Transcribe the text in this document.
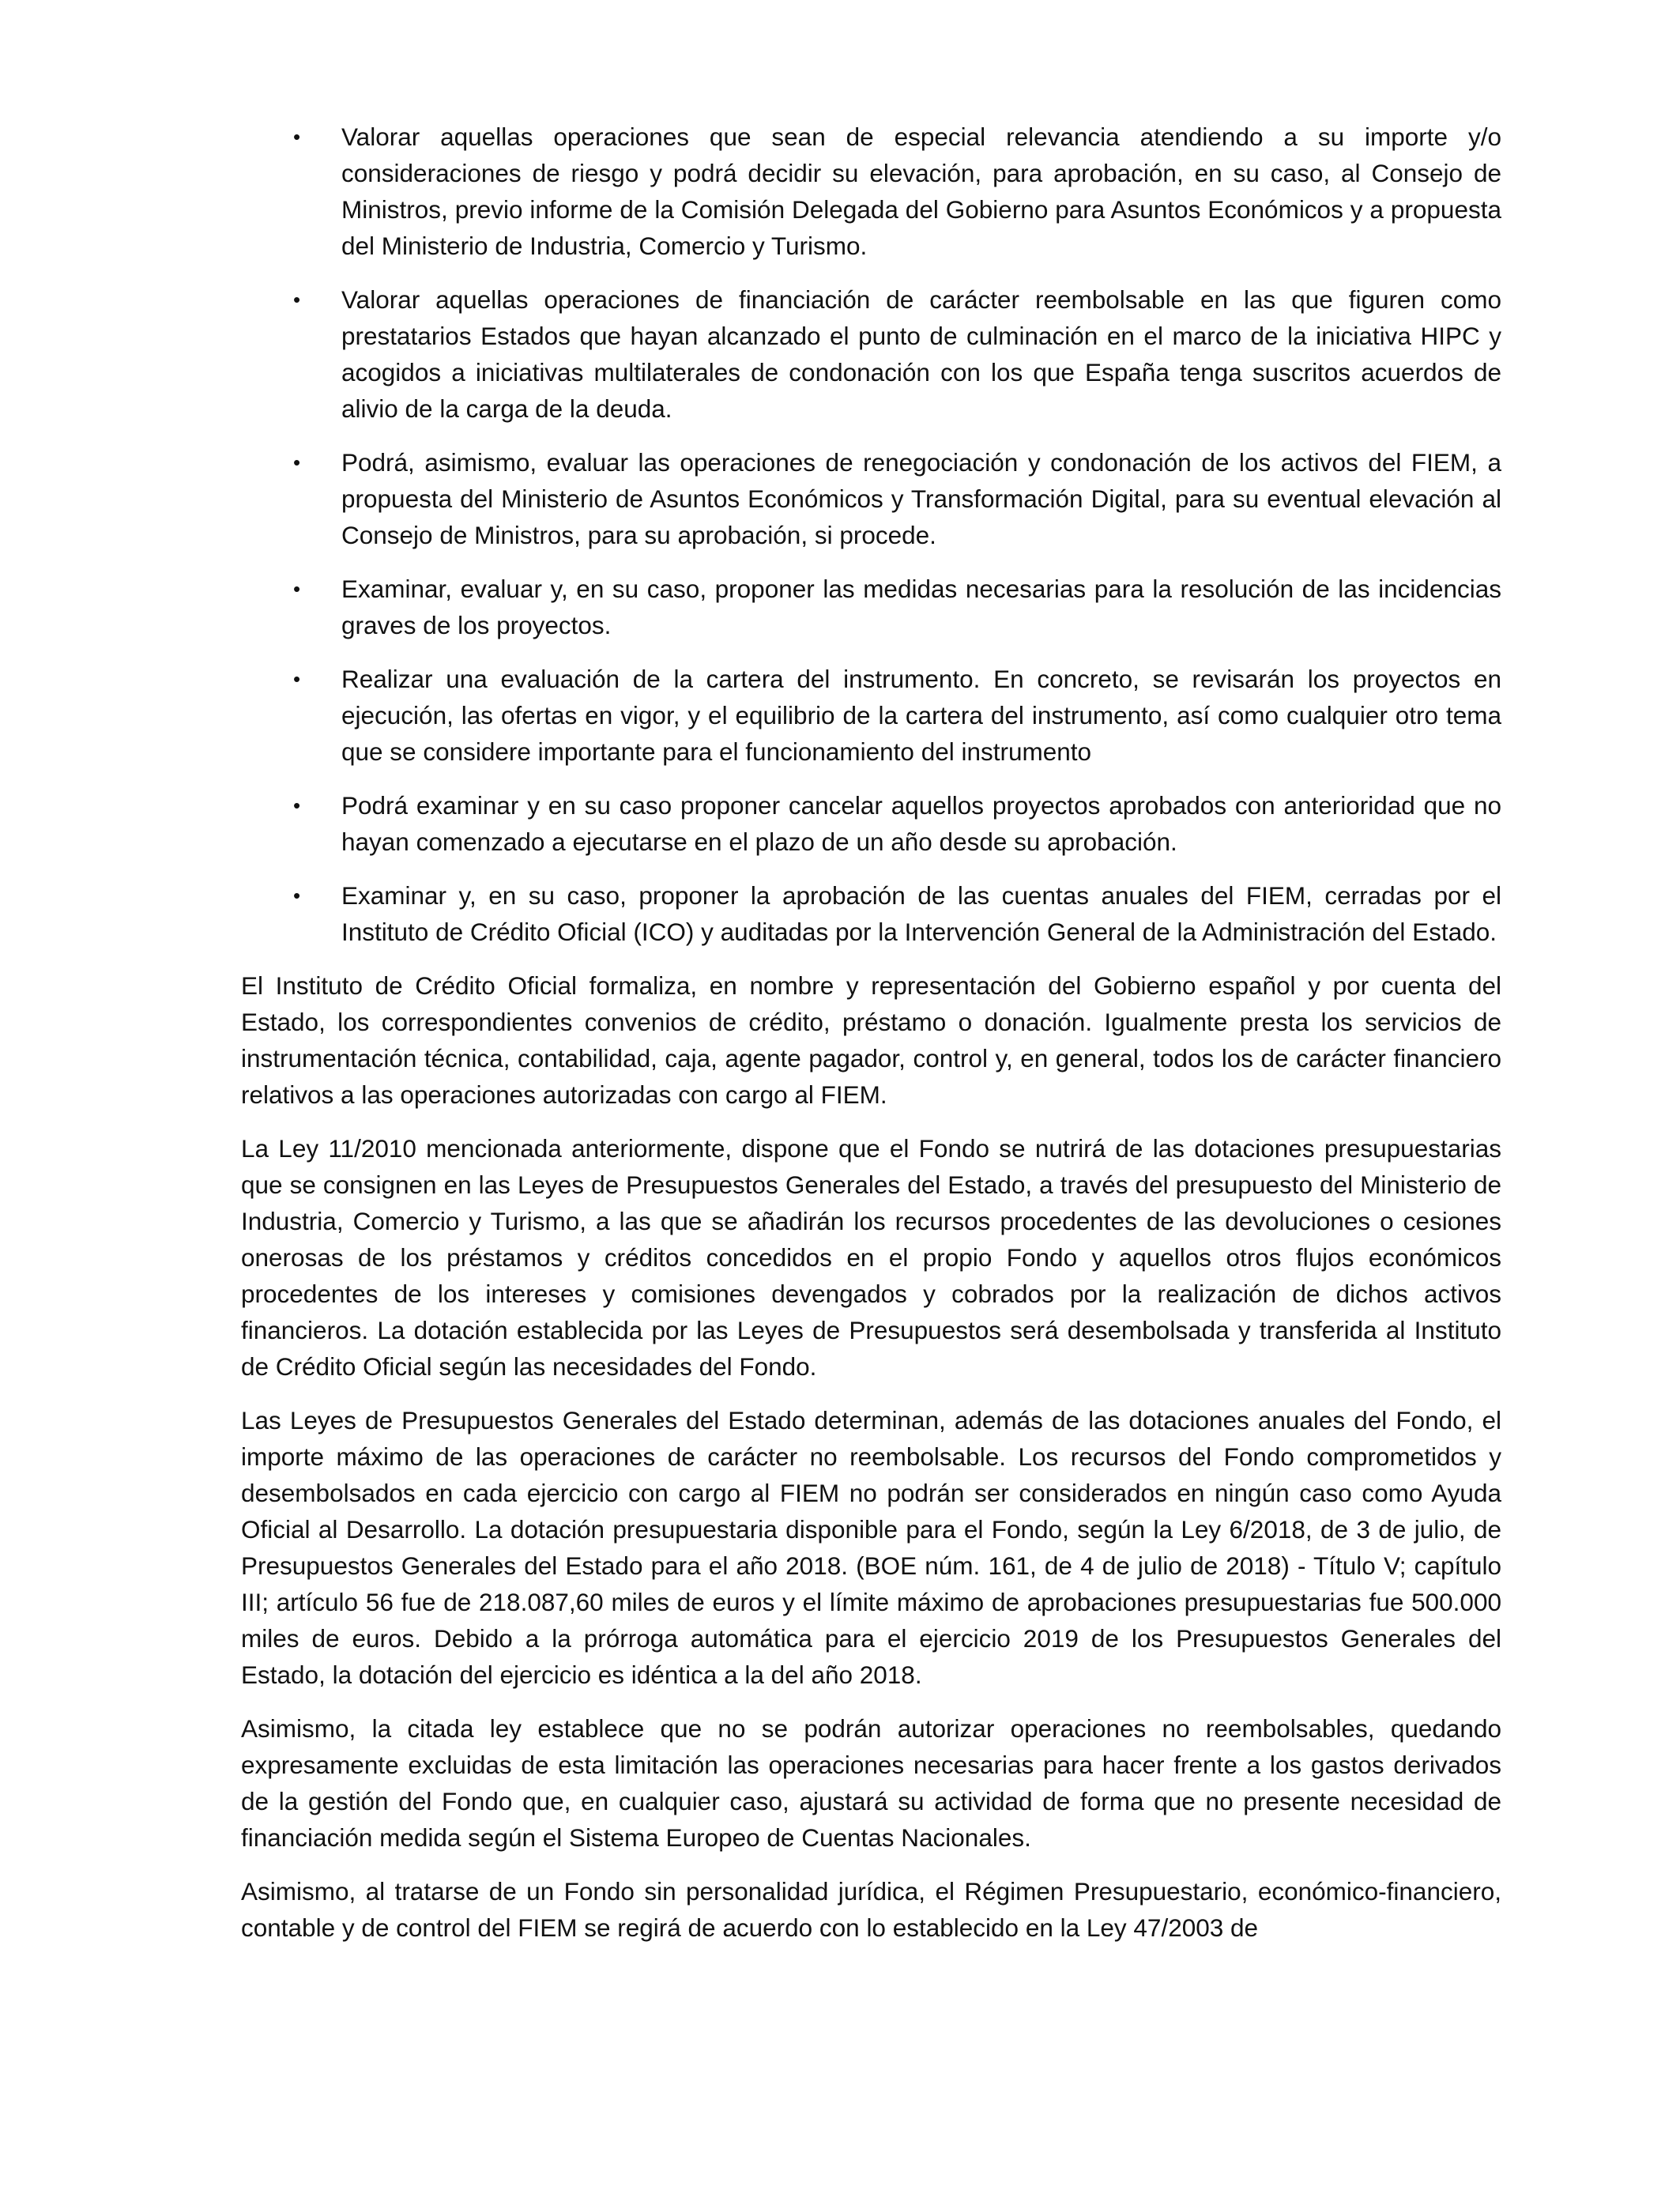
• Valorar aquellas operaciones que sean de especial relevancia atendiendo a su importe y/o consideraciones de riesgo y podrá decidir su elevación, para aprobación, en su caso, al Consejo de Ministros, previo informe de la Comisión Delegada del Gobierno para Asuntos Económicos y a propuesta del Ministerio de Industria, Comercio y Turismo.
• Valorar aquellas operaciones de financiación de carácter reembolsable en las que figuren como prestatarios Estados que hayan alcanzado el punto de culminación en el marco de la iniciativa HIPC y acogidos a iniciativas multilaterales de condonación con los que España tenga suscritos acuerdos de alivio de la carga de la deuda.
• Podrá, asimismo, evaluar las operaciones de renegociación y condonación de los activos del FIEM, a propuesta del Ministerio de Asuntos Económicos y Transformación Digital, para su eventual elevación al Consejo de Ministros, para su aprobación, si procede.
• Examinar, evaluar y, en su caso, proponer las medidas necesarias para la resolución de las incidencias graves de los proyectos.
• Realizar una evaluación de la cartera del instrumento. En concreto, se revisarán los proyectos en ejecución, las ofertas en vigor, y el equilibrio de la cartera del instrumento, así como cualquier otro tema que se considere importante para el funcionamiento del instrumento
• Podrá examinar y en su caso proponer cancelar aquellos proyectos aprobados con anterioridad que no hayan comenzado a ejecutarse en el plazo de un año desde su aprobación.
• Examinar y, en su caso, proponer la aprobación de las cuentas anuales del FIEM, cerradas por el Instituto de Crédito Oficial (ICO) y auditadas por la Intervención General de la Administración del Estado.

El Instituto de Crédito Oficial formaliza, en nombre y representación del Gobierno español y por cuenta del Estado, los correspondientes convenios de crédito, préstamo o donación. Igualmente presta los servicios de instrumentación técnica, contabilidad, caja, agente pagador, control y, en general, todos los de carácter financiero relativos a las operaciones autorizadas con cargo al FIEM.

La Ley 11/2010 mencionada anteriormente, dispone que el Fondo se nutrirá de las dotaciones presupuestarias que se consignen en las Leyes de Presupuestos Generales del Estado, a través del presupuesto del Ministerio de Industria, Comercio y Turismo, a las que se añadirán los recursos procedentes de las devoluciones o cesiones onerosas de los préstamos y créditos concedidos en el propio Fondo y aquellos otros flujos económicos procedentes de los intereses y comisiones devengados y cobrados por la realización de dichos activos financieros. La dotación establecida por las Leyes de Presupuestos será desembolsada y transferida al Instituto de Crédito Oficial según las necesidades del Fondo.

Las Leyes de Presupuestos Generales del Estado determinan, además de las dotaciones anuales del Fondo, el importe máximo de las operaciones de carácter no reembolsable. Los recursos del Fondo comprometidos y desembolsados en cada ejercicio con cargo al FIEM no podrán ser considerados en ningún caso como Ayuda Oficial al Desarrollo. La dotación presupuestaria disponible para el Fondo, según la Ley 6/2018, de 3 de julio, de Presupuestos Generales del Estado para el año 2018. (BOE núm. 161, de 4 de julio de 2018) - Título V; capítulo III; artículo 56 fue de 218.087,60 miles de euros y el límite máximo de aprobaciones presupuestarias fue 500.000 miles de euros. Debido a la prórroga automática para el ejercicio 2019 de los Presupuestos Generales del Estado, la dotación del ejercicio es idéntica a la del año 2018.

Asimismo, la citada ley establece que no se podrán autorizar operaciones no reembolsables, quedando expresamente excluidas de esta limitación las operaciones necesarias para hacer frente a los gastos derivados de la gestión del Fondo que, en cualquier caso, ajustará su actividad de forma que no presente necesidad de financiación medida según el Sistema Europeo de Cuentas Nacionales.

Asimismo, al tratarse de un Fondo sin personalidad jurídica, el Régimen Presupuestario, económico-financiero, contable y de control del FIEM se regirá de acuerdo con lo establecido en la Ley 47/2003 de
